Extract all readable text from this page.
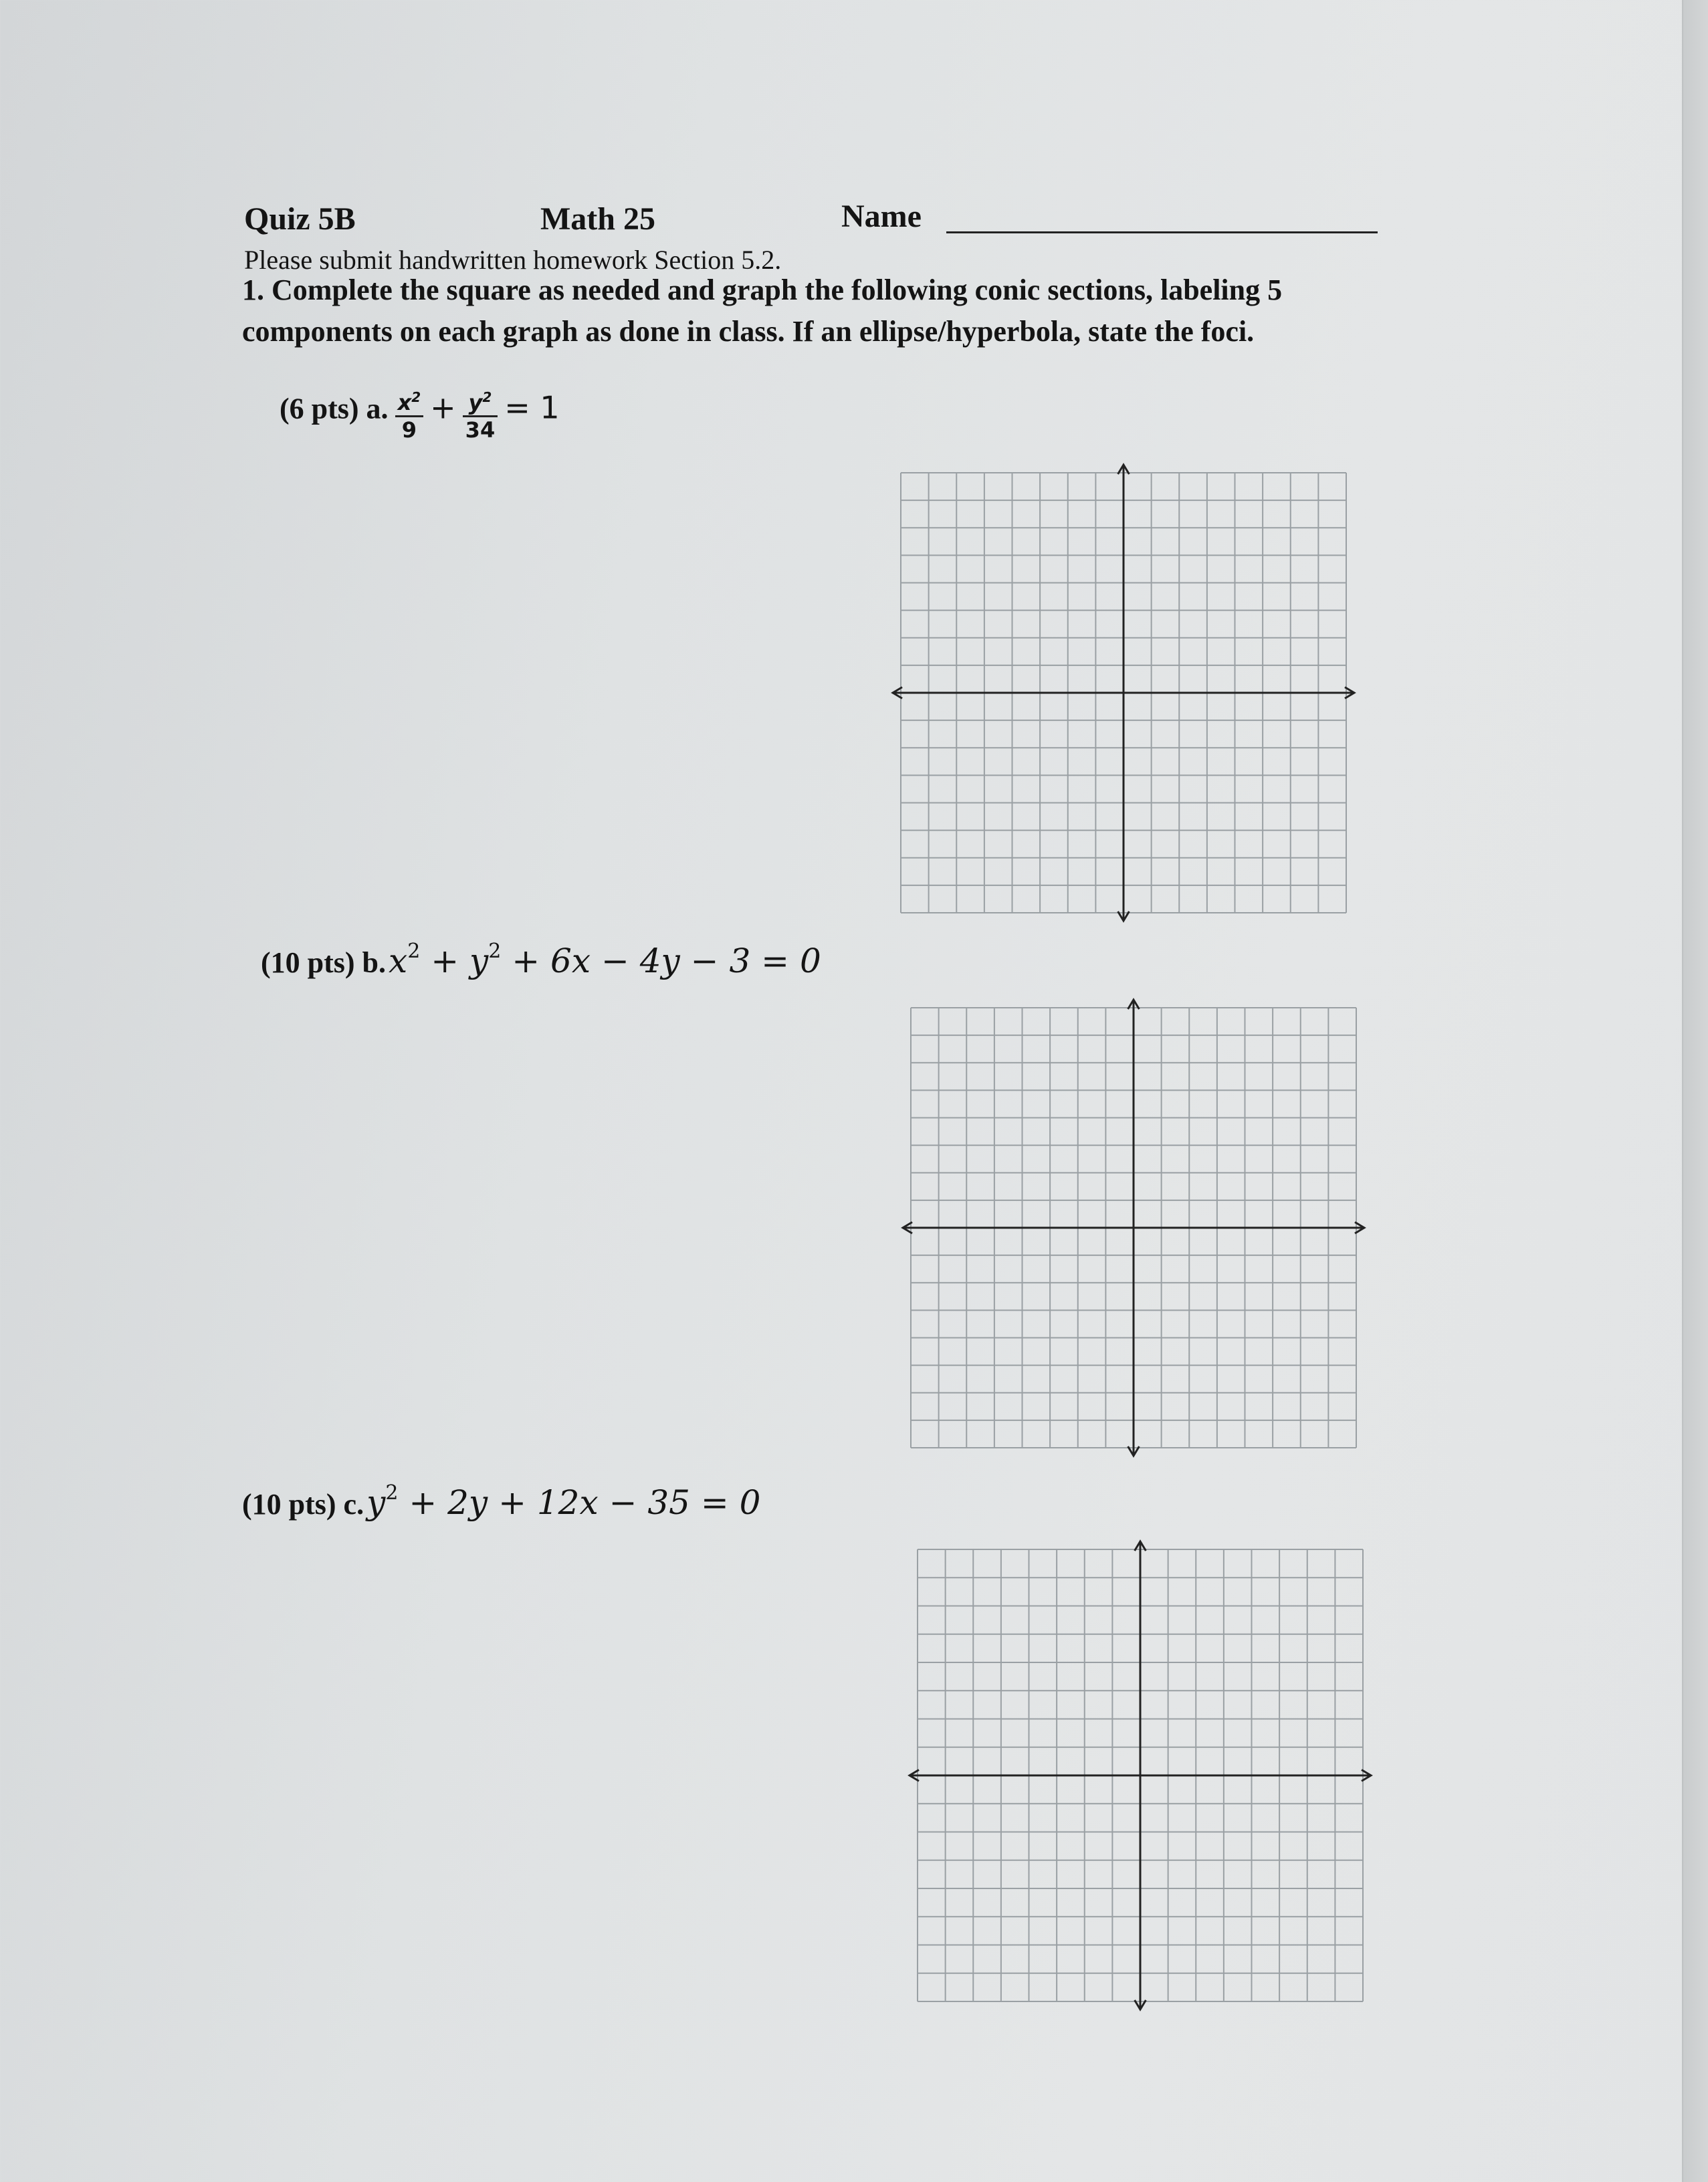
Quiz 5B	Math 25	Name
Please submit handwritten homework Section 5.2.
1. Complete the square as needed and graph the following conic sections, labeling 5
components on each graph as done in class. If an ellipse/hyperbola, state the foci.
(6 pts) a. $\frac{x^2}{9} + \frac{y^2}{34} = 1$
(10 pts) b. $x^2 + y^2 + 6x - 4y - 3 = 0$
(10 pts) c. $y^2 + 2y + 12x - 35 = 0$
